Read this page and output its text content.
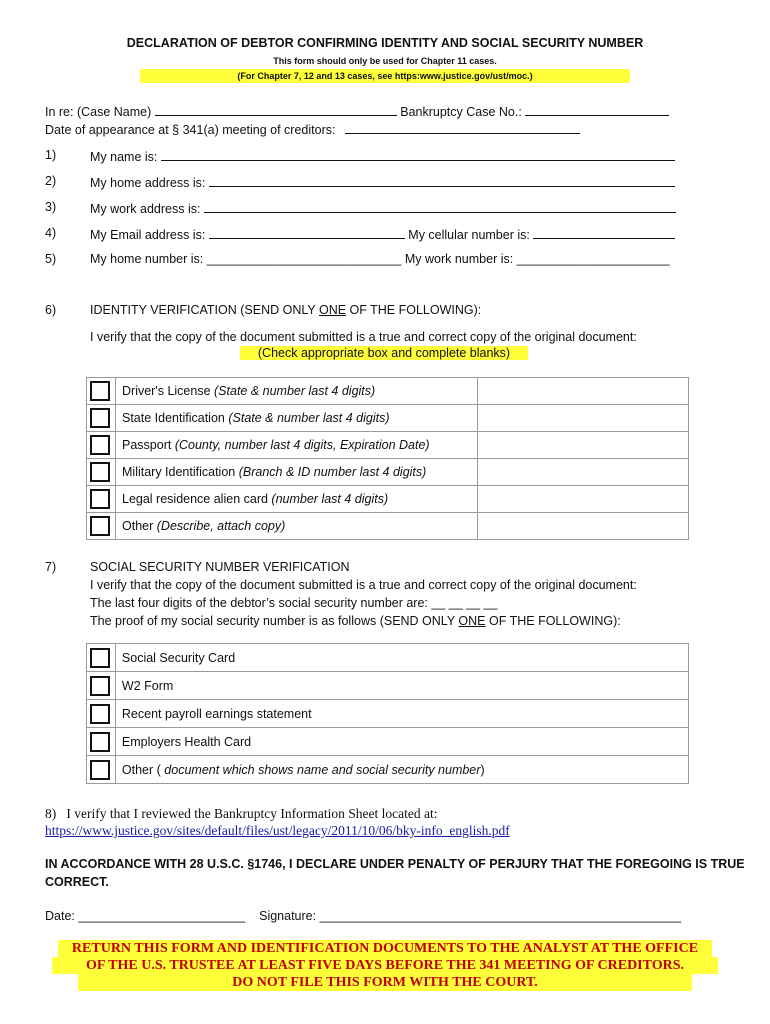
DECLARATION OF DEBTOR CONFIRMING IDENTITY AND SOCIAL SECURITY NUMBER
This form should only be used for Chapter 11 cases.
(For Chapter 7, 12 and 13 cases, see https:www.justice.gov/ust/moc.)
In re: (Case Name)	Bankruptcy Case No.:
Date of appearance at § 341(a) meeting of creditors:
1)	My name is:
2)	My home address is:
3)	My work address is:
4)	My Email address is:	My cellular number is:
5)	My home number is: ____________________________ My work number is: ______________________
6)	IDENTITY VERIFICATION (SEND ONLY ONE OF THE FOLLOWING):
I verify that the copy of the document submitted is a true and correct copy of the original document:
(Check appropriate box and complete blanks)
	Driver's License (State & number last 4 digits)	
	State Identification (State & number last 4 digits)	
	Passport (County, number last 4 digits, Expiration Date)	
	Military Identification (Branch & ID number last 4 digits)	
	Legal residence alien card (number last 4 digits)	
	Other (Describe, attach copy)	
7)	SOCIAL SECURITY NUMBER VERIFICATION
I verify that the copy of the document submitted is a true and correct copy of the original document:
The last four digits of the debtor’s social security number are: __ __ __ __
The proof of my social security number is as follows (SEND ONLY ONE OF THE FOLLOWING):
	Social Security Card
	W2 Form
	Recent payroll earnings statement
	Employers Health Card
	Other ( document which shows name and social security number)
8) I verify that I reviewed the Bankruptcy Information Sheet located at:
https://www.justice.gov/sites/default/files/ust/legacy/2011/10/06/bky-info_english.pdf
IN ACCORDANCE WITH 28 U.S.C. §1746, I DECLARE UNDER PENALTY OF PERJURY THAT THE FOREGOING IS TRUE
CORRECT.
Date: ________________________ Signature: ____________________________________________________
RETURN THIS FORM AND IDENTIFICATION DOCUMENTS TO THE ANALYST AT THE OFFICE
OF THE U.S. TRUSTEE AT LEAST FIVE DAYS BEFORE THE 341 MEETING OF CREDITORS.
DO NOT FILE THIS FORM WITH THE COURT.
